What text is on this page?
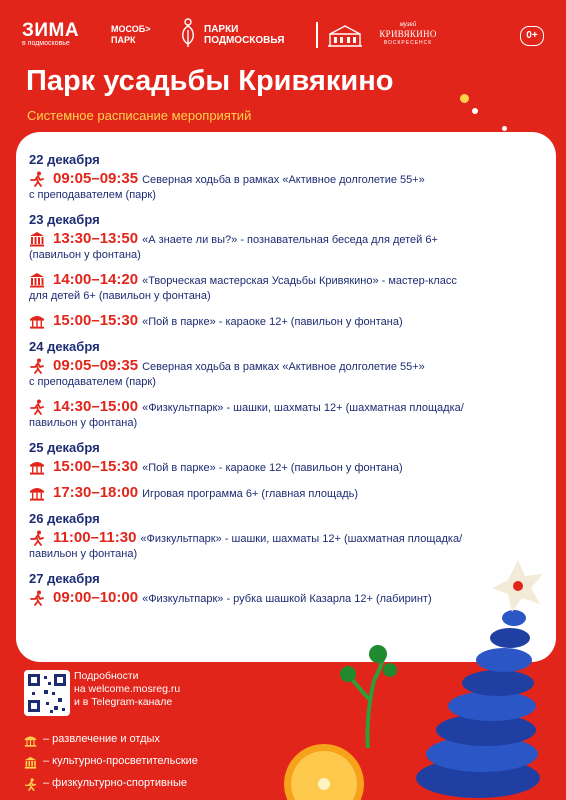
ЗИМА
в подмосковье
МОСОБ>
ПАРК
ПАРКИ
ПОДМОСКОВЬЯ
музей
КРИВЯКИНО
ВОСКРЕСЕНСК
0+
Парк усадьбы Кривякино
Системное расписание мероприятий
22 декабря
09:05–09:35 Северная ходьба в рамках «Активное долголетие 55+»
с преподавателем (парк)
23 декабря
13:30–13:50 «А знаете ли вы?» - познавательная беседа для детей 6+
(павильон у фонтана)
14:00–14:20 «Творческая мастерская Усадьбы Кривякино» - мастер-класс
для детей 6+ (павильон у фонтана)
15:00–15:30 «Пой в парке» - караоке 12+ (павильон у фонтана)
24 декабря
09:05–09:35 Северная ходьба в рамках «Активное долголетие 55+»
с преподавателем (парк)
14:30–15:00 «Физкультпарк» - шашки, шахматы 12+ (шахматная площадка/
павильон у фонтана)
25 декабря
15:00–15:30 «Пой в парке» - караоке 12+ (павильон у фонтана)
17:30–18:00 Игровая программа 6+ (главная площадь)
26 декабря
11:00–11:30 «Физкультпарк» - шашки, шахматы 12+ (шахматная площадка/
павильон у фонтана)
27 декабря
09:00–10:00 «Физкультпарк» - рубка шашкой Казарла 12+ (лабиринт)
Подробности
на welcome.mosreg.ru
и в Telegram-канале
– развлечение и отдых
– культурно-просветительские
– физкультурно-спортивные
